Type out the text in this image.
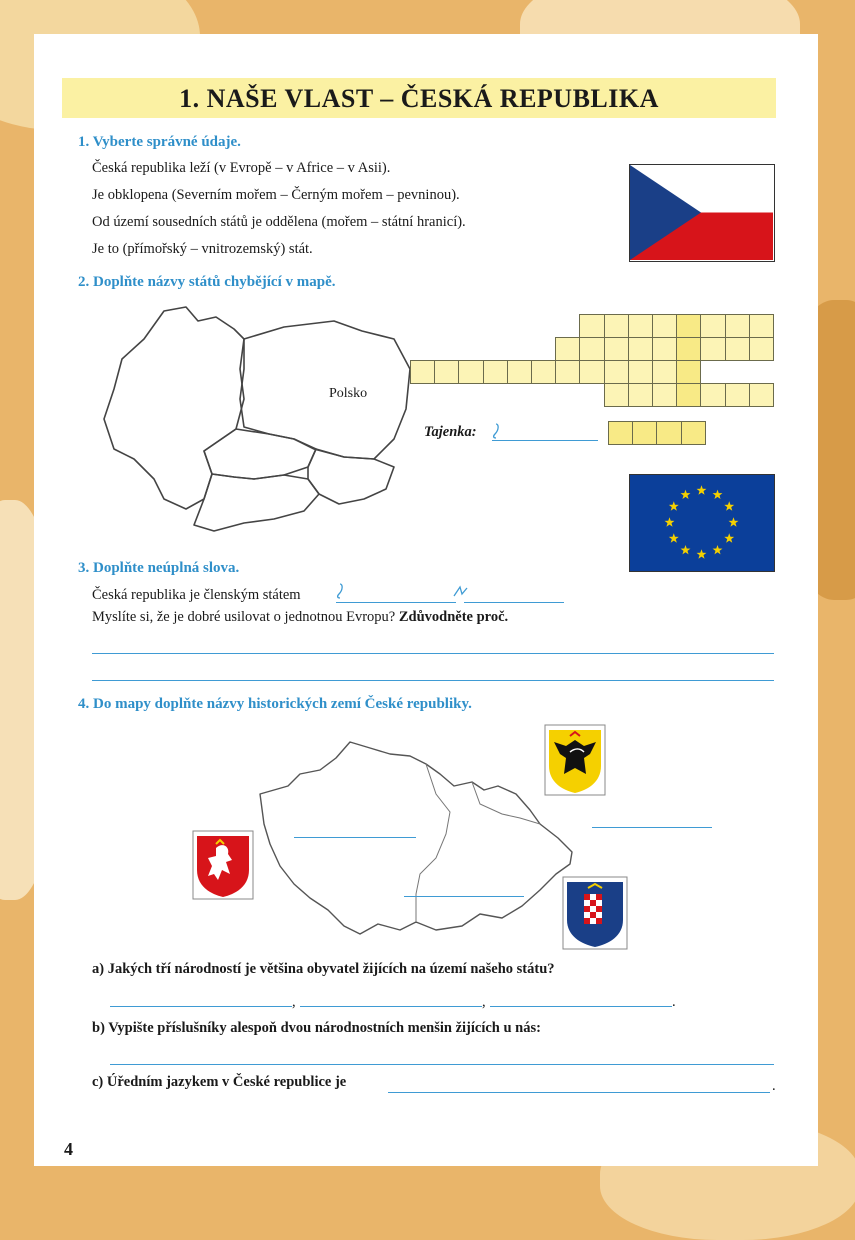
1. NAŠE VLAST – ČESKÁ REPUBLIKA
1. Vyberte správné údaje.
Česká republika leží (v Evropě – v Africe – v Asii).
Je obklopena (Severním mořem – Černým mořem – pevninou).
Od území sousedních států je oddělena (mořem – státní hranicí).
Je to (přímořský – vnitrozemský) stát.
2. Doplňte názvy států chybějící v mapě.
Polsko
Tajenka:
3. Doplňte neúplná slova.
Česká republika je členským státem
Myslíte si, že je dobré usilovat o jednotnou Evropu? Zdůvodněte proč.
4. Do mapy doplňte názvy historických zemí České republiky.
a) Jakých tří národností je většina obyvatel žijících na území našeho státu?
,	,	.
b) Vypište příslušníky alespoň dvou národnostních menšin žijících u nás:
c) Úředním jazykem v České republice je	.
4
